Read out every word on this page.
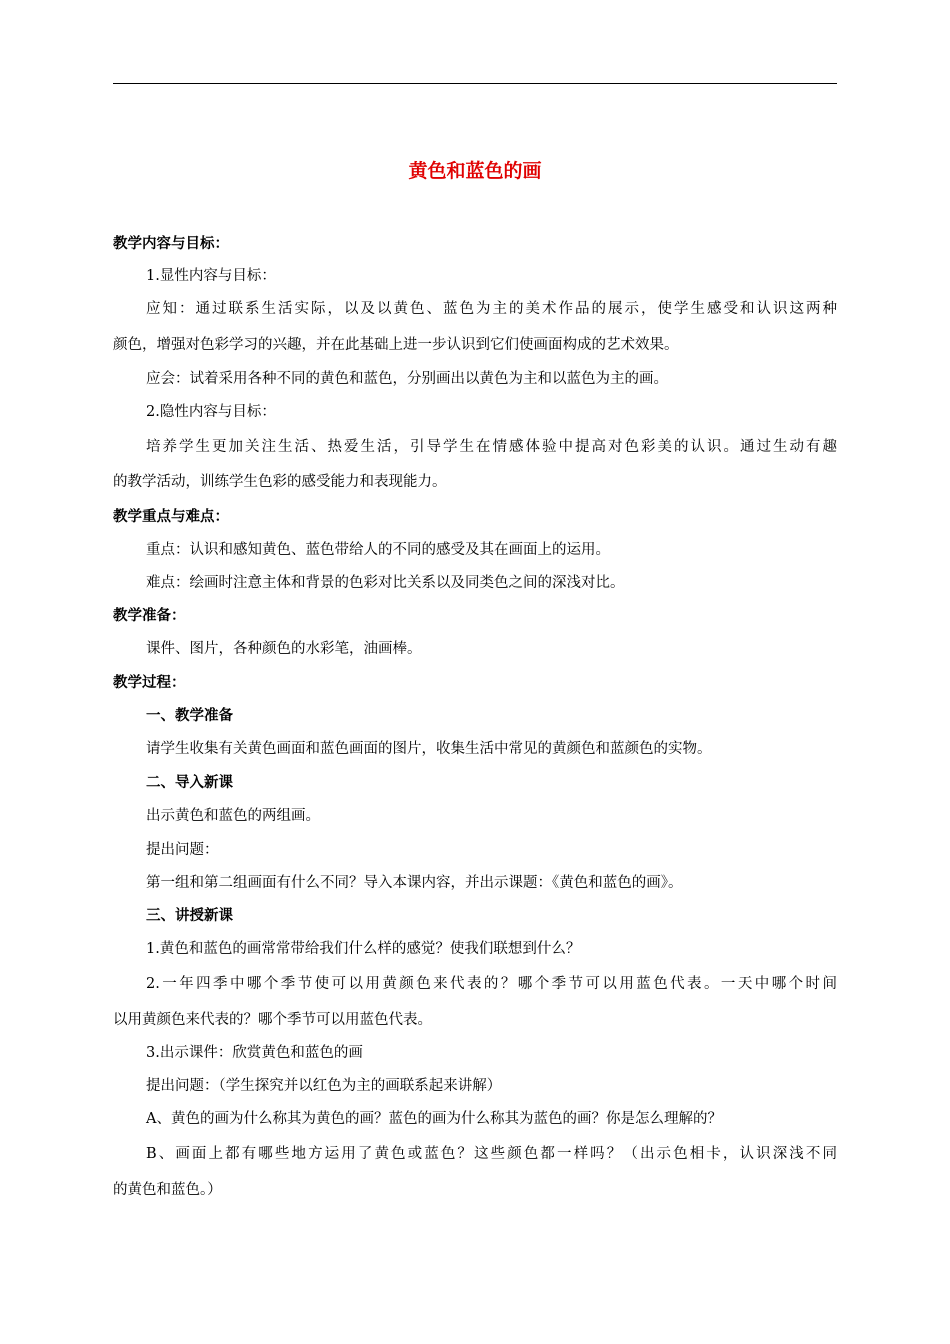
黄色和蓝色的画
教学内容与目标：
1.显性内容与目标：
应知：通过联系生活实际，以及以黄色、蓝色为主的美术作品的展示，使学生感受和认识这两种
颜色，增强对色彩学习的兴趣，并在此基础上进一步认识到它们使画面构成的艺术效果。
应会：试着采用各种不同的黄色和蓝色，分别画出以黄色为主和以蓝色为主的画。
2.隐性内容与目标：
培养学生更加关注生活、热爱生活，引导学生在情感体验中提高对色彩美的认识。通过生动有趣
的教学活动，训练学生色彩的感受能力和表现能力。
教学重点与难点：
重点：认识和感知黄色、蓝色带给人的不同的感受及其在画面上的运用。
难点：绘画时注意主体和背景的色彩对比关系以及同类色之间的深浅对比。
教学准备：
课件、图片，各种颜色的水彩笔，油画棒。
教学过程：
一、教学准备
请学生收集有关黄色画面和蓝色画面的图片，收集生活中常见的黄颜色和蓝颜色的实物。
二、导入新课
出示黄色和蓝色的两组画。
提出问题：
第一组和第二组画面有什么不同？导入本课内容，并出示课题：《黄色和蓝色的画》。
三、讲授新课
1.黄色和蓝色的画常常带给我们什么样的感觉？使我们联想到什么？
2.一年四季中哪个季节使可以用黄颜色来代表的？哪个季节可以用蓝色代表。一天中哪个时间
以用黄颜色来代表的？哪个季节可以用蓝色代表。
3.出示课件：欣赏黄色和蓝色的画
提出问题：（学生探究并以红色为主的画联系起来讲解）
A、黄色的画为什么称其为黄色的画？蓝色的画为什么称其为蓝色的画？你是怎么理解的？
B、画面上都有哪些地方运用了黄色或蓝色？这些颜色都一样吗？（出示色相卡，认识深浅不同
的黄色和蓝色。）
